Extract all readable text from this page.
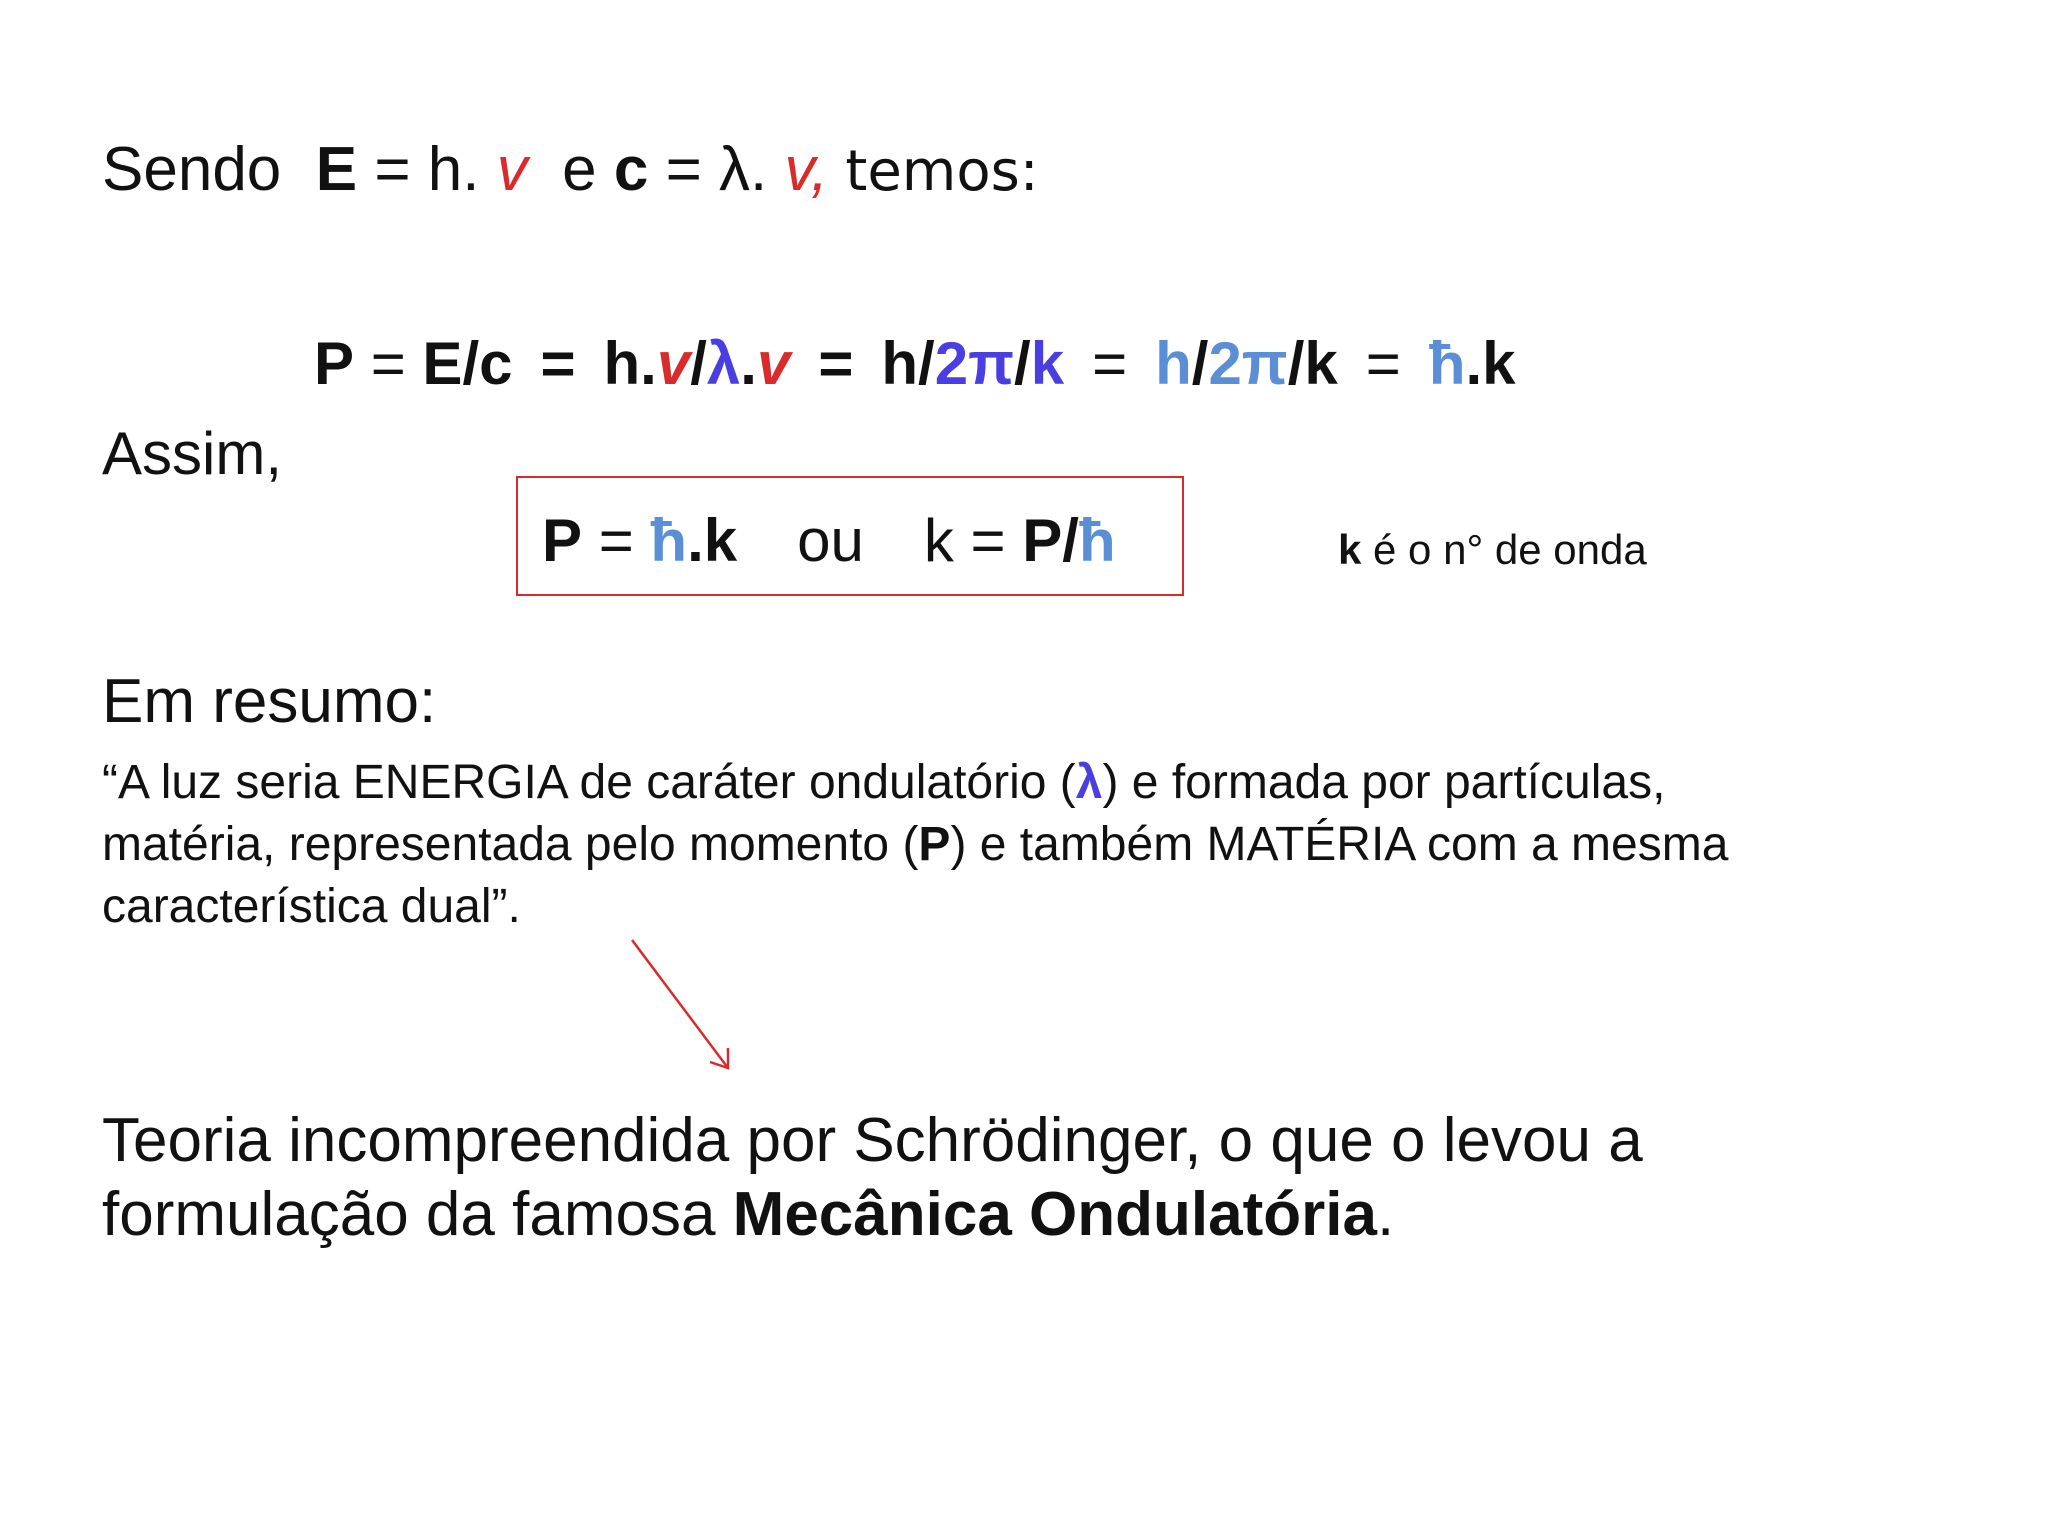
Sendo E = h. v e c = λ. v, temos:
P = E/c = h.v/λ.v = h/2π/k = h/2π/k = ħ.k
Assim,
P = ħ.k ou k = P/ħ	k é o n° de onda
Em resumo:
“A luz seria ENERGIA de caráter ondulatório (λ) e formada por partículas,
matéria, representada pelo momento (P) e também MATÉRIA com a mesma
característica dual”.
Teoria incompreendida por Schrödinger, o que o levou a
formulação da famosa Mecânica Ondulatória.
